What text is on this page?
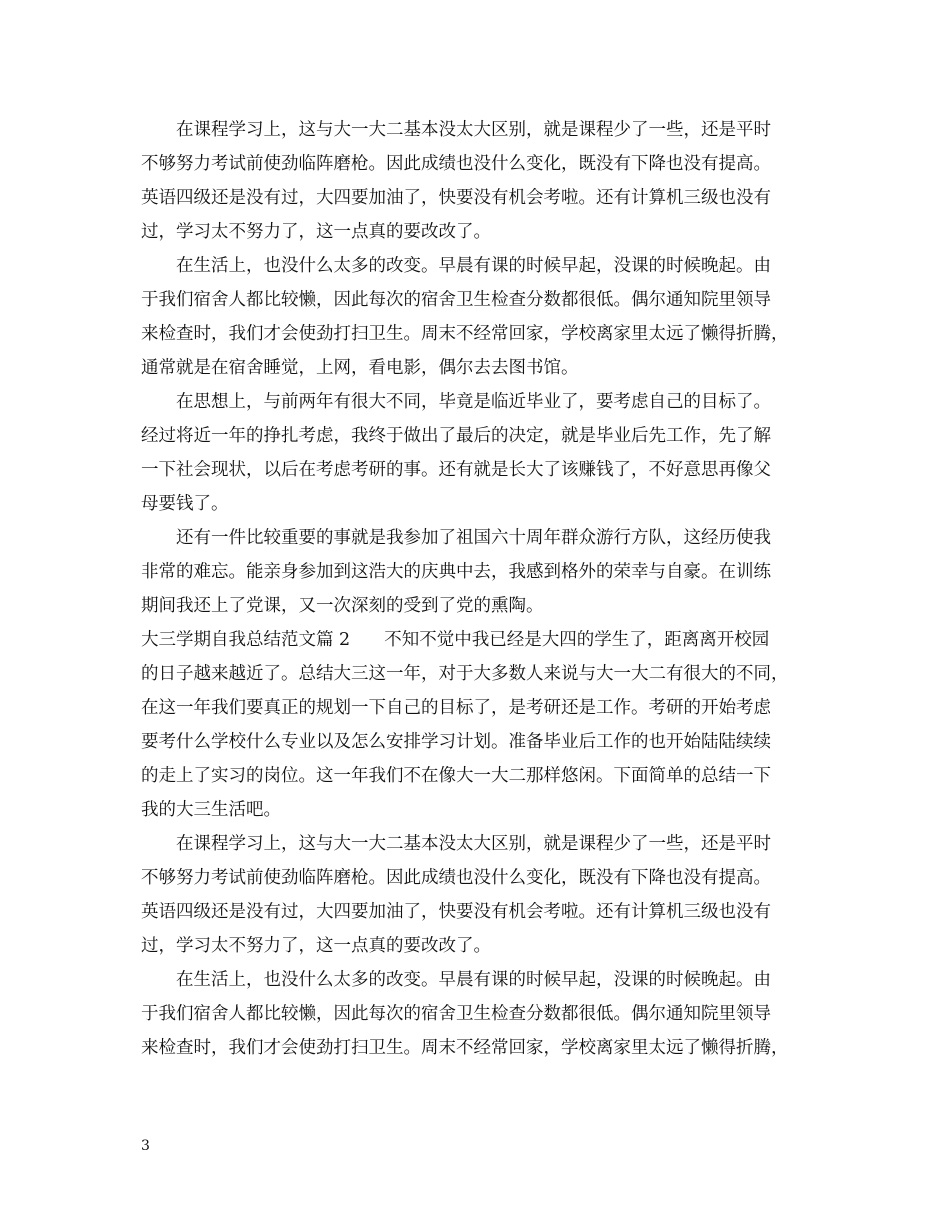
　　在课程学习上，这与大一大二基本没太大区别，就是课程少了一些，还是平时
不够努力考试前使劲临阵磨枪。因此成绩也没什么变化，既没有下降也没有提高。
英语四级还是没有过，大四要加油了，快要没有机会考啦。还有计算机三级也没有
过，学习太不努力了，这一点真的要改改了。
　　在生活上，也没什么太多的改变。早晨有课的时候早起，没课的时候晚起。由
于我们宿舍人都比较懒，因此每次的宿舍卫生检查分数都很低。偶尔通知院里领导
来检查时，我们才会使劲打扫卫生。周末不经常回家，学校离家里太远了懒得折腾，
通常就是在宿舍睡觉，上网，看电影，偶尔去去图书馆。
　　在思想上，与前两年有很大不同，毕竟是临近毕业了，要考虑自己的目标了。
经过将近一年的挣扎考虑，我终于做出了最后的决定，就是毕业后先工作，先了解
一下社会现状，以后在考虑考研的事。还有就是长大了该赚钱了，不好意思再像父
母要钱了。
　　还有一件比较重要的事就是我参加了祖国六十周年群众游行方队，这经历使我
非常的难忘。能亲身参加到这浩大的庆典中去，我感到格外的荣幸与自豪。在训练
期间我还上了党课，又一次深刻的受到了党的熏陶。
大三学期自我总结范文篇 2 不知不觉中我已经是大四的学生了，距离离开校园
的日子越来越近了。总结大三这一年，对于大多数人来说与大一大二有很大的不同，
在这一年我们要真正的规划一下自己的目标了，是考研还是工作。考研的开始考虑
要考什么学校什么专业以及怎么安排学习计划。准备毕业后工作的也开始陆陆续续
的走上了实习的岗位。这一年我们不在像大一大二那样悠闲。下面简单的总结一下
我的大三生活吧。
　　在课程学习上，这与大一大二基本没太大区别，就是课程少了一些，还是平时
不够努力考试前使劲临阵磨枪。因此成绩也没什么变化，既没有下降也没有提高。
英语四级还是没有过，大四要加油了，快要没有机会考啦。还有计算机三级也没有
过，学习太不努力了，这一点真的要改改了。
　　在生活上，也没什么太多的改变。早晨有课的时候早起，没课的时候晚起。由
于我们宿舍人都比较懒，因此每次的宿舍卫生检查分数都很低。偶尔通知院里领导
来检查时，我们才会使劲打扫卫生。周末不经常回家，学校离家里太远了懒得折腾，
3
